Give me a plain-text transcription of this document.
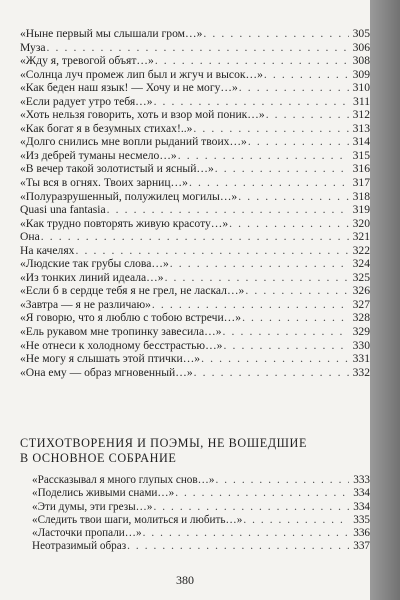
«Ныне первый мы слышали гром…» . . .	305
Муза . . .	306
«Жду я, тревогой объят…» . . .	308
«Солнца луч промеж лип был и жгуч и высок…» . . .	309
«Как беден наш язык! — Хочу и не могу…» . . .	310
«Если радует утро тебя…» . . .	311
«Хоть нельзя говорить, хоть и взор мой поник…» . . .	312
«Как богат я в безумных стихах!..» . . .	313
«Долго снились мне вопли рыданий твоих…» . . .	314
«Из дебрей туманы несмело…» . . .	315
«В вечер такой золотистый и ясный…» . . .	316
«Ты вся в огнях. Твоих зарниц…» . . .	317
«Полуразрушенный, полужилец могилы…» . . .	318
Quasi una fantasia . . .	319
«Как трудно повторять живую красоту…» . . .	320
Она . . .	321
На качелях . . .	322
«Людские так грубы слова…» . . .	324
«Из тонких линий идеала…» . . .	325
«Если б в сердце тебя я не грел, не ласкал…» . . .	326
«Завтра — я не различаю» . . .	327
«Я говорю, что я люблю с тобою встречи…» . . .	328
«Ель рукавом мне тропинку завесила…» . . .	329
«Не отнеси к холодному бесстрастью…» . . .	330
«Не могу я слышать этой птички…» . . .	331
«Она ему — образ мгновенный…» . . .	332
СТИХОТВОРЕНИЯ И ПОЭМЫ, НЕ ВОШЕДШИЕ
В ОСНОВНОЕ СОБРАНИЕ
«Рассказывал я много глупых снов…» . . .	333
«Поделись живыми снами…» . . .	334
«Эти думы, эти грезы…» . . .	334
«Следить твои шаги, молиться и любить…» . . .	335
«Ласточки пропали…» . . .	336
Неотразимый образ . . .	337
380
